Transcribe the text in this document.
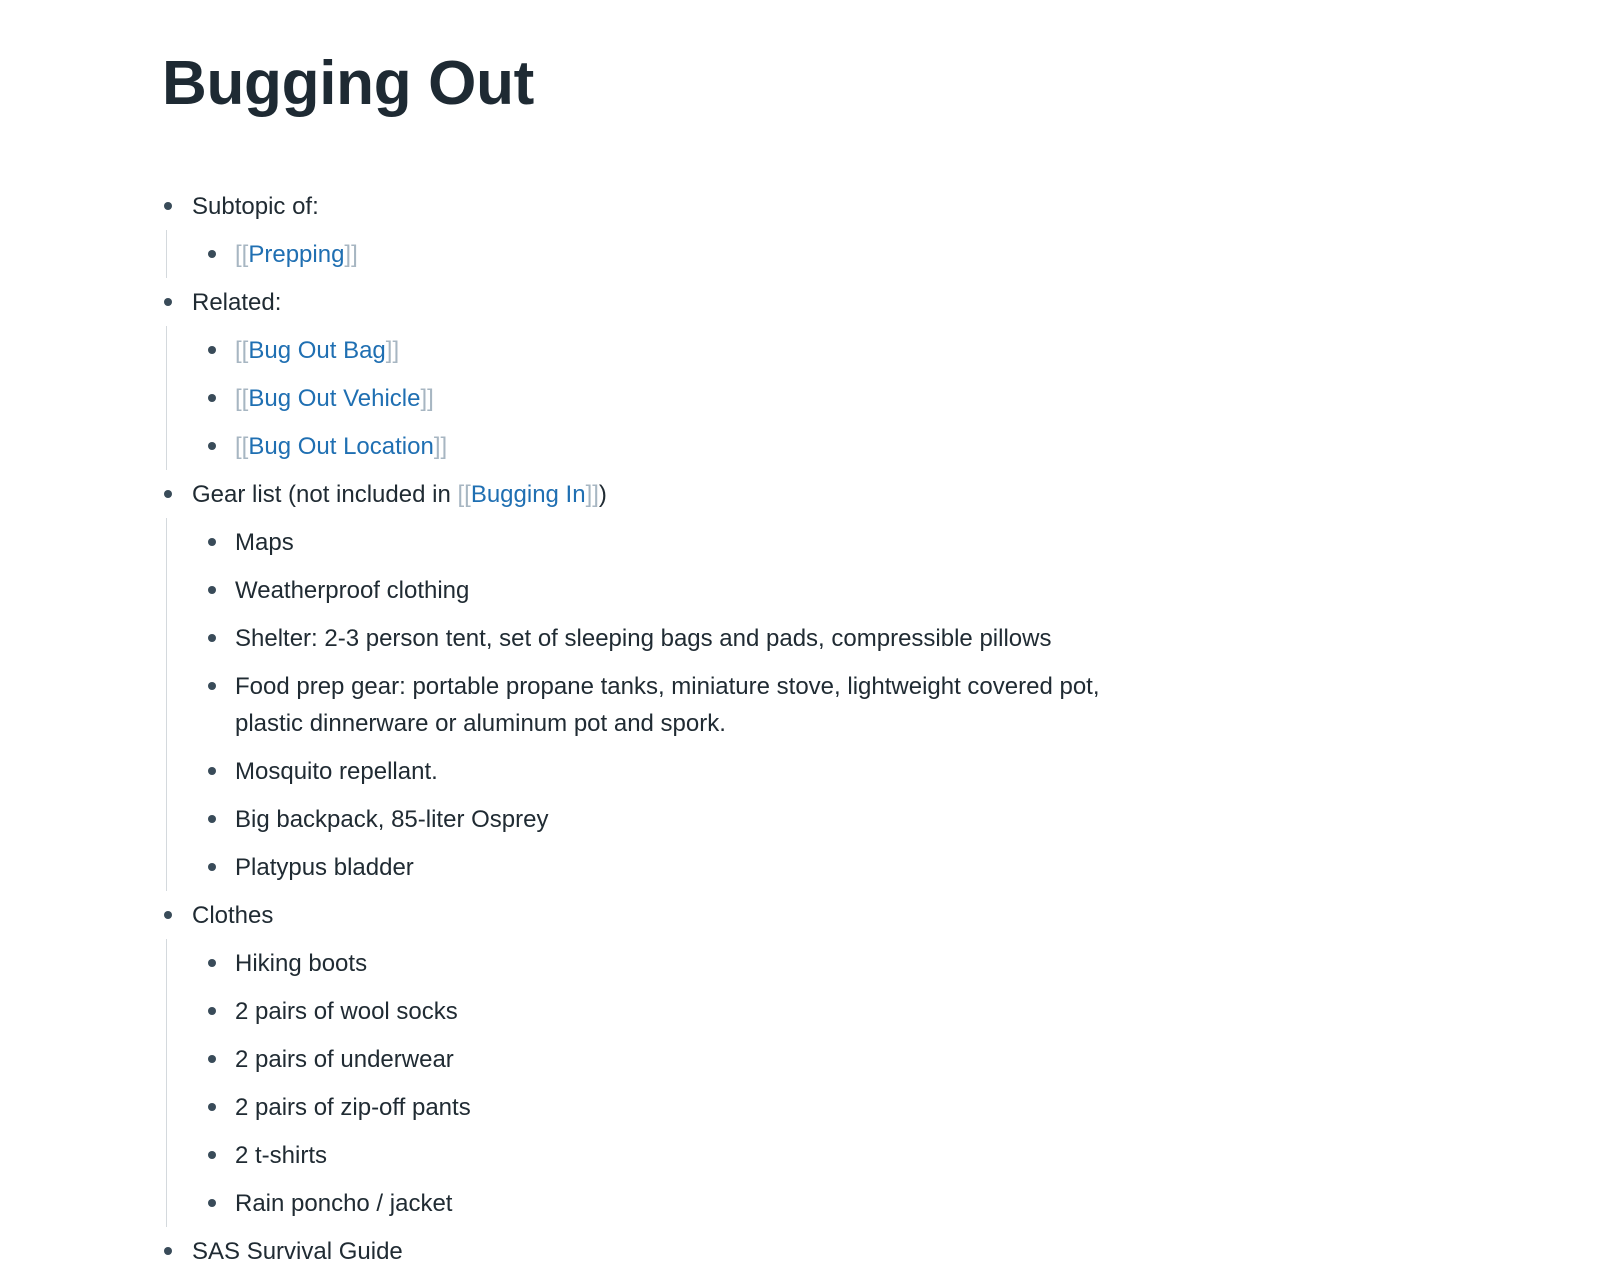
Bugging Out
Subtopic of:
[[Prepping]]
Related:
[[Bug Out Bag]]
[[Bug Out Vehicle]]
[[Bug Out Location]]
Gear list (not included in [[Bugging In]])
Maps
Weatherproof clothing
Shelter: 2-3 person tent, set of sleeping bags and pads, compressible pillows
Food prep gear: portable propane tanks, miniature stove, lightweight covered pot, plastic dinnerware or aluminum pot and spork.
Mosquito repellant.
Big backpack, 85-liter Osprey
Platypus bladder
Clothes
Hiking boots
2 pairs of wool socks
2 pairs of underwear
2 pairs of zip-off pants
2 t-shirts
Rain poncho / jacket
SAS Survival Guide
